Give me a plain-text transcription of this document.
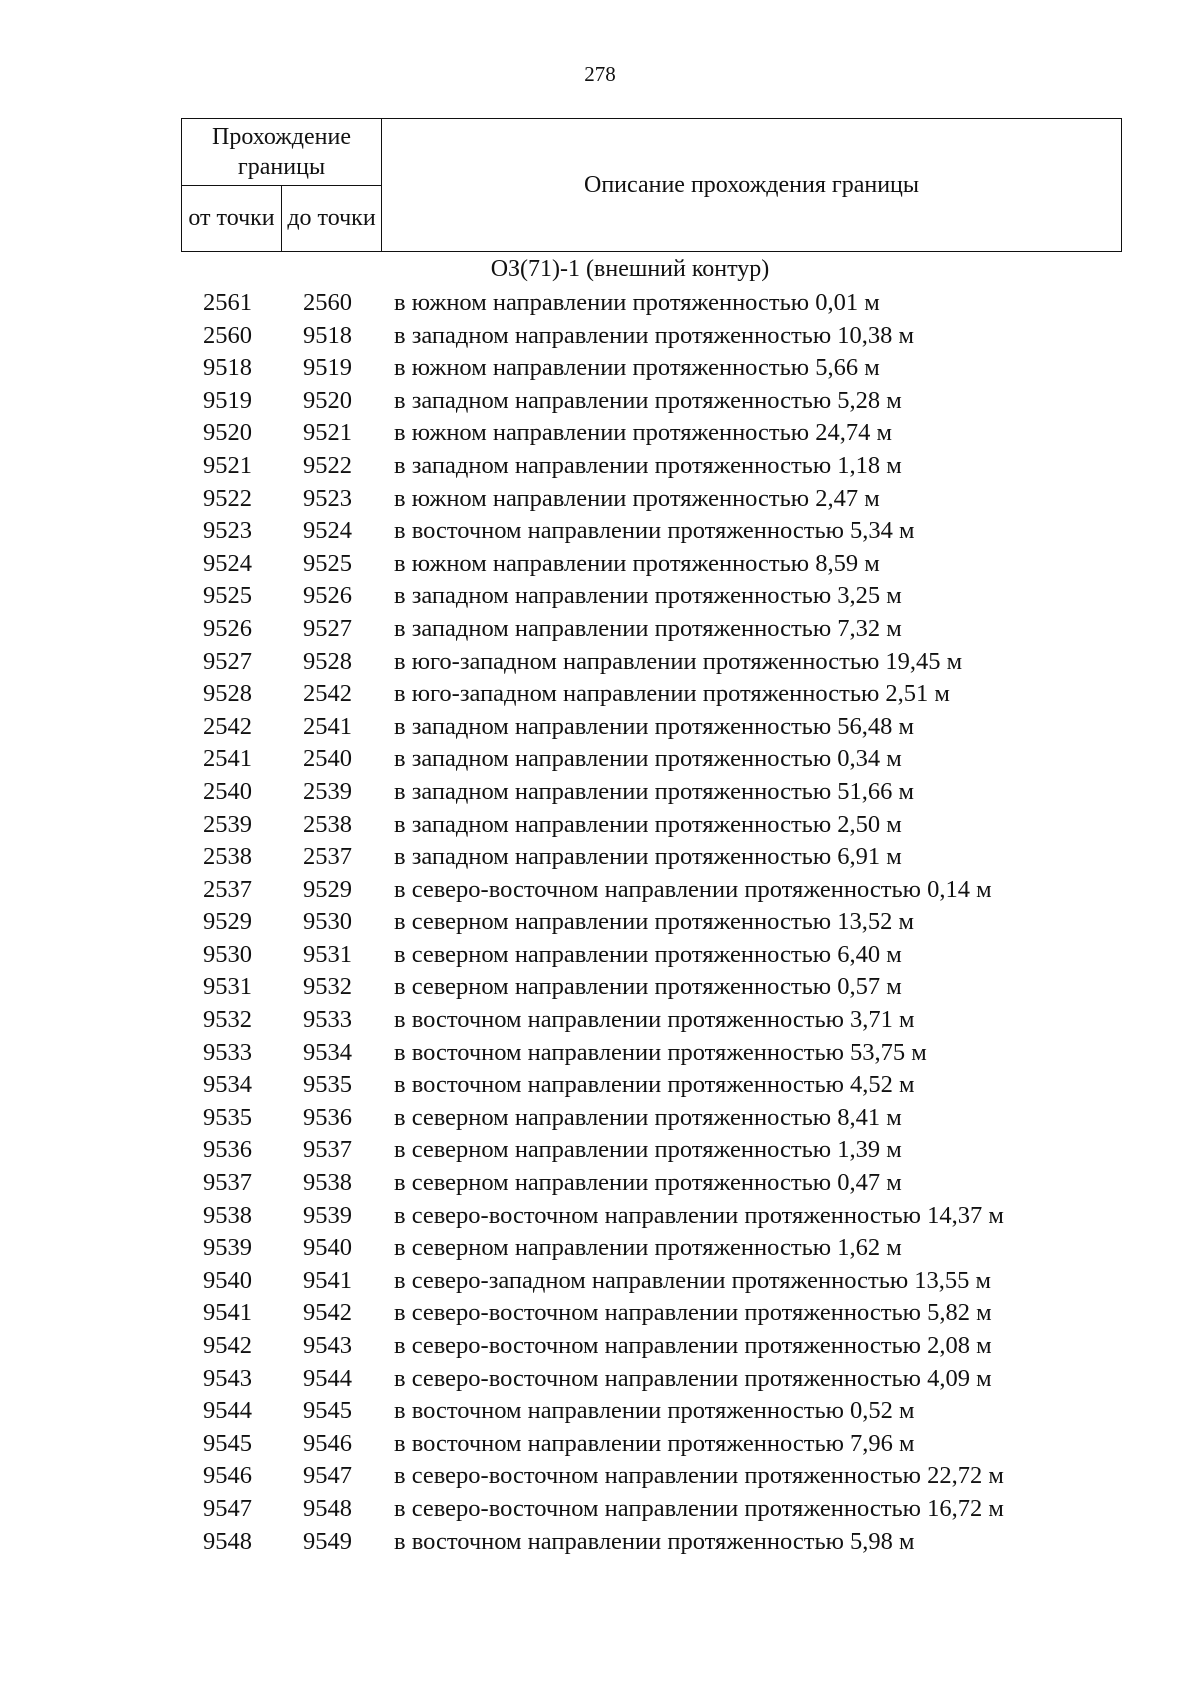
278
Прохождение границы		Описание прохождения границы
от точки	до точки	
ОЗ(71)-1 (внешний контур)
2561	2560	в южном направлении протяженностью 0,01 м
2560	9518	в западном направлении протяженностью 10,38 м
9518	9519	в южном направлении протяженностью 5,66 м
9519	9520	в западном направлении протяженностью 5,28 м
9520	9521	в южном направлении протяженностью 24,74 м
9521	9522	в западном направлении протяженностью 1,18 м
9522	9523	в южном направлении протяженностью 2,47 м
9523	9524	в восточном направлении протяженностью 5,34 м
9524	9525	в южном направлении протяженностью 8,59 м
9525	9526	в западном направлении протяженностью 3,25 м
9526	9527	в западном направлении протяженностью 7,32 м
9527	9528	в юго-западном направлении протяженностью 19,45 м
9528	2542	в юго-западном направлении протяженностью 2,51 м
2542	2541	в западном направлении протяженностью 56,48 м
2541	2540	в западном направлении протяженностью 0,34 м
2540	2539	в западном направлении протяженностью 51,66 м
2539	2538	в западном направлении протяженностью 2,50 м
2538	2537	в западном направлении протяженностью 6,91 м
2537	9529	в северо-восточном направлении протяженностью 0,14 м
9529	9530	в северном направлении протяженностью 13,52 м
9530	9531	в северном направлении протяженностью 6,40 м
9531	9532	в северном направлении протяженностью 0,57 м
9532	9533	в восточном направлении протяженностью 3,71 м
9533	9534	в восточном направлении протяженностью 53,75 м
9534	9535	в восточном направлении протяженностью 4,52 м
9535	9536	в северном направлении протяженностью 8,41 м
9536	9537	в северном направлении протяженностью 1,39 м
9537	9538	в северном направлении протяженностью 0,47 м
9538	9539	в северо-восточном направлении протяженностью 14,37 м
9539	9540	в северном направлении протяженностью 1,62 м
9540	9541	в северо-западном направлении протяженностью 13,55 м
9541	9542	в северо-восточном направлении протяженностью 5,82 м
9542	9543	в северо-восточном направлении протяженностью 2,08 м
9543	9544	в северо-восточном направлении протяженностью 4,09 м
9544	9545	в восточном направлении протяженностью 0,52 м
9545	9546	в восточном направлении протяженностью 7,96 м
9546	9547	в северо-восточном направлении протяженностью 22,72 м
9547	9548	в северо-восточном направлении протяженностью 16,72 м
9548	9549	в восточном направлении протяженностью 5,98 м
